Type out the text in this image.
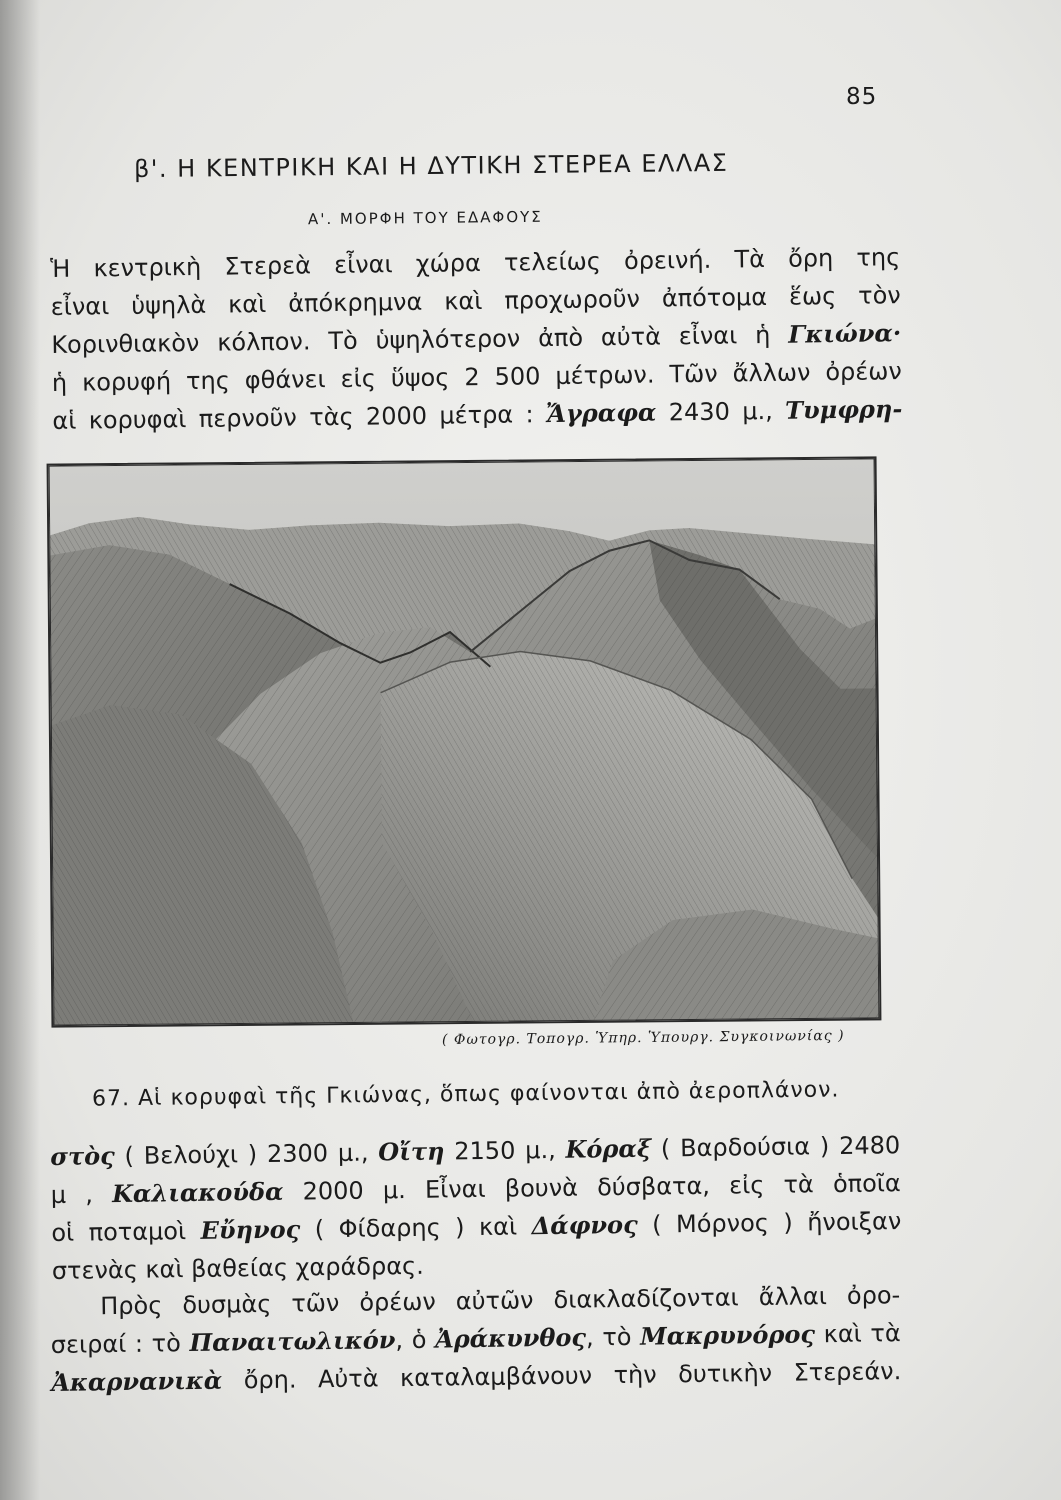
85
β'. Η ΚΕΝΤΡΙΚΗ ΚΑΙ Η ΔΥΤΙΚΗ ΣΤΕΡΕΑ ΕΛΛΑΣ
Α'. ΜΟΡΦΗ ΤΟΥ ΕΔΑΦΟΥΣ
Ἡ κεντρικὴ Στερεὰ εἶναι χώρα τελείως ὀρεινή. Τὰ ὄρη της
εἶναι ὑψηλὰ καὶ ἀπόκρημνα καὶ προχωροῦν ἀπότομα ἕως τὸν
Κορινθιακὸν κόλπον. Τὸ ὑψηλότερον ἀπὸ αὐτὰ εἶναι ἡ Γκιώνα·
ἡ κορυφή της φθάνει εἰς ὕψος 2 500 μέτρων. Τῶν ἄλλων ὀρέων
αἱ κορυφαὶ περνοῦν τὰς 2000 μέτρα : Ἄγραφα 2430 μ., Τυμφρη-
( Φωτογρ. Τοπογρ. Ὑπηρ. Ὑπουργ. Συγκοινωνίας )
67. Αἱ κορυφαὶ τῆς Γκιώνας, ὅπως φαίνονται ἀπὸ ἀεροπλάνον.
στὸς ( Βελούχι ) 2300 μ., Οἴτη 2150 μ., Κόραξ ( Βαρδούσια ) 2480
μ , Καλιακούδα 2000 μ. Εἶναι βουνὰ δύσβατα, εἰς τὰ ὁποῖα
οἱ ποταμοὶ Εὔηνος ( Φίδαρης ) καὶ Δάφνος ( Μόρνος ) ἤνοιξαν
στενὰς καὶ βαθείας χαράδρας.
Πρὸς δυσμὰς τῶν ὀρέων αὐτῶν διακλαδίζονται ἄλλαι ὀρο-
σειραί : τὸ Παναιτωλικόν, ὁ Ἀράκυνθος, τὸ Μακρυνόρος καὶ τὰ
Ἀκαρνανικὰ ὄρη. Αὐτὰ καταλαμβάνουν τὴν δυτικὴν Στερεάν.
